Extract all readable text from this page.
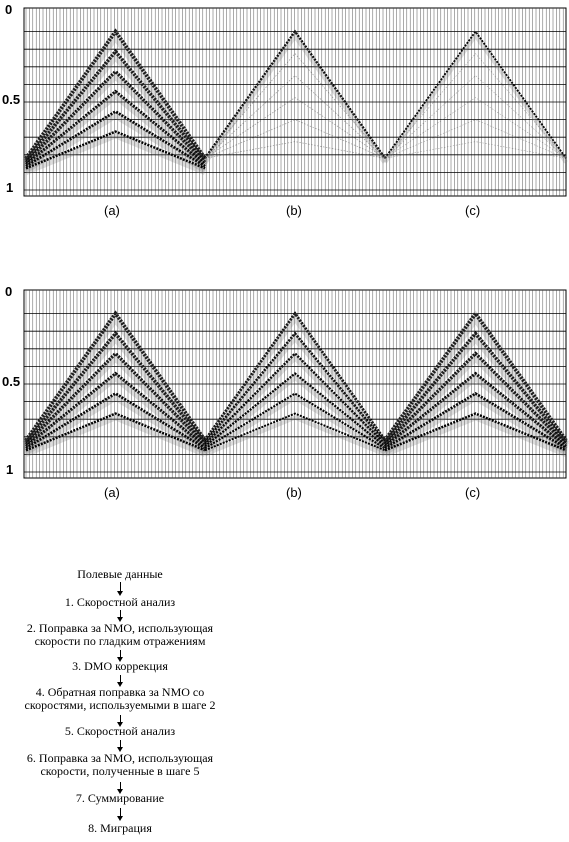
0
0.5
1
(a)	(b)	(c)
0
0.5
1
(a)	(b)	(c)
Полевые данные
1. Скоростной анализ
2. Поправка за NMO, использующая
скорости по гладким отражениям
3. DMO коррекция
4. Обратная поправка за NMO со
скоростями, используемыми в шаге 2
5. Скоростной анализ
6. Поправка за NMO, использующая
скорости, полученные в шаге 5
7. Суммирование
8. Миграция
